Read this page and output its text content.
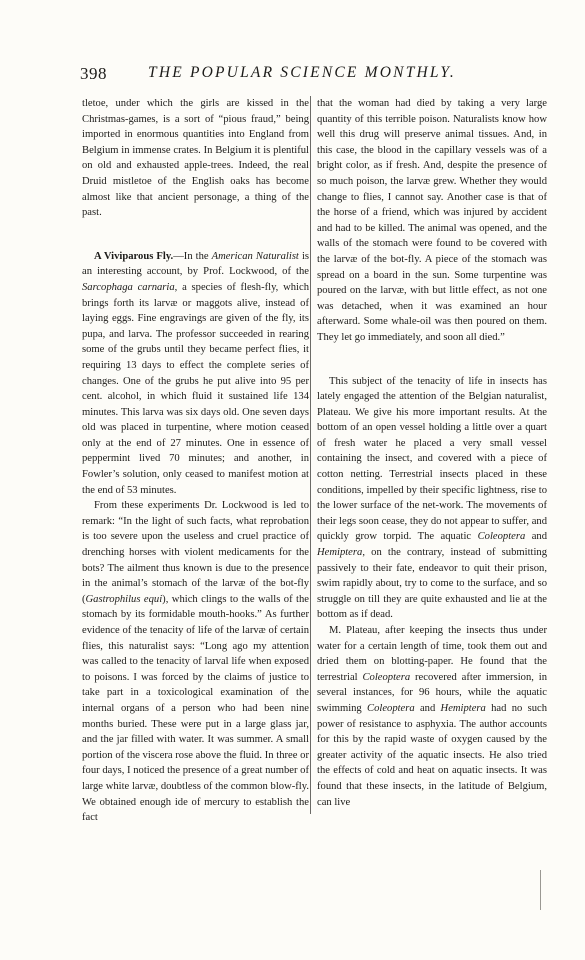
398	THE POPULAR SCIENCE MONTHLY.

tletoe, under which the girls are kissed in the Christmas-games, is a sort of “pious fraud,” being imported in enormous quantities into England from Belgium in immense crates. In Belgium it is plentiful on old and exhausted apple-trees. Indeed, the real Druid mistletoe of the English oaks has become almost like that ancient personage, a thing of the past.

A Viviparous Fly.—In the American Naturalist is an interesting account, by Prof. Lockwood, of the Sarcophaga carnaria, a species of flesh-fly, which brings forth its larvæ or maggots alive, instead of laying eggs. Fine engravings are given of the fly, its pupa, and larva. The professor succeeded in rearing some of the grubs until they became perfect flies, it requiring 13 days to effect the complete series of changes. One of the grubs he put alive into 95 per cent. alcohol, in which fluid it sustained life 134 minutes. This larva was six days old. One seven days old was placed in turpentine, where motion ceased only at the end of 27 minutes. One in essence of peppermint lived 70 minutes; and another, in Fowler’s solution, only ceased to manifest motion at the end of 53 minutes.

From these experiments Dr. Lockwood is led to remark: “In the light of such facts, what reprobation is too severe upon the useless and cruel practice of drenching horses with violent medicaments for the bots? The ailment thus known is due to the presence in the animal’s stomach of the larvæ of the bot-fly (Gastrophilus equi), which clings to the walls of the stomach by its formidable mouth-hooks.” As further evidence of the tenacity of life of the larvæ of certain flies, this naturalist says: “Long ago my attention was called to the tenacity of larval life when exposed to poisons. I was forced by the claims of justice to take part in a toxicological examination of the internal organs of a person who had been nine months buried. These were put in a large glass jar, and the jar filled with water. It was summer. A small portion of the viscera rose above the fluid. In three or four days, I noticed the presence of a great number of large white larvæ, doubtless of the common blow-fly. We obtained enough ide of mercury to establish the fact

that the woman had died by taking a very large quantity of this terrible poison. Naturalists know how well this drug will preserve animal tissues. And, in this case, the blood in the capillary vessels was of a bright color, as if fresh. And, despite the presence of so much poison, the larvæ grew. Whether they would change to flies, I cannot say. Another case is that of the horse of a friend, which was injured by accident and had to be killed. The animal was opened, and the walls of the stomach were found to be covered with the larvæ of the bot-fly. A piece of the stomach was spread on a board in the sun. Some turpentine was poured on the larvæ, with but little effect, as not one was detached, when it was examined an hour afterward. Some whale-oil was then poured on them. They let go immediately, and soon all died.”

This subject of the tenacity of life in insects has lately engaged the attention of the Belgian naturalist, Plateau. We give his more important results. At the bottom of an open vessel holding a little over a quart of fresh water he placed a very small vessel containing the insect, and covered with a piece of cotton netting. Terrestrial insects placed in these conditions, impelled by their specific lightness, rise to the lower surface of the net-work. The movements of their legs soon cease, they do not appear to suffer, and quickly grow torpid. The aquatic Coleoptera and Hemiptera, on the contrary, instead of submitting passively to their fate, endeavor to quit their prison, swim rapidly about, try to come to the surface, and so struggle on till they are quite exhausted and lie at the bottom as if dead.

M. Plateau, after keeping the insects thus under water for a certain length of time, took them out and dried them on blotting-paper. He found that the terrestrial Coleoptera recovered after immersion, in several instances, for 96 hours, while the aquatic swimming Coleoptera and Hemiptera had no such power of resistance to asphyxia. The author accounts for this by the rapid waste of oxygen caused by the greater activity of the aquatic insects. He also tried the effects of cold and heat on aquatic insects. It was found that these insects, in the latitude of Belgium, can live
